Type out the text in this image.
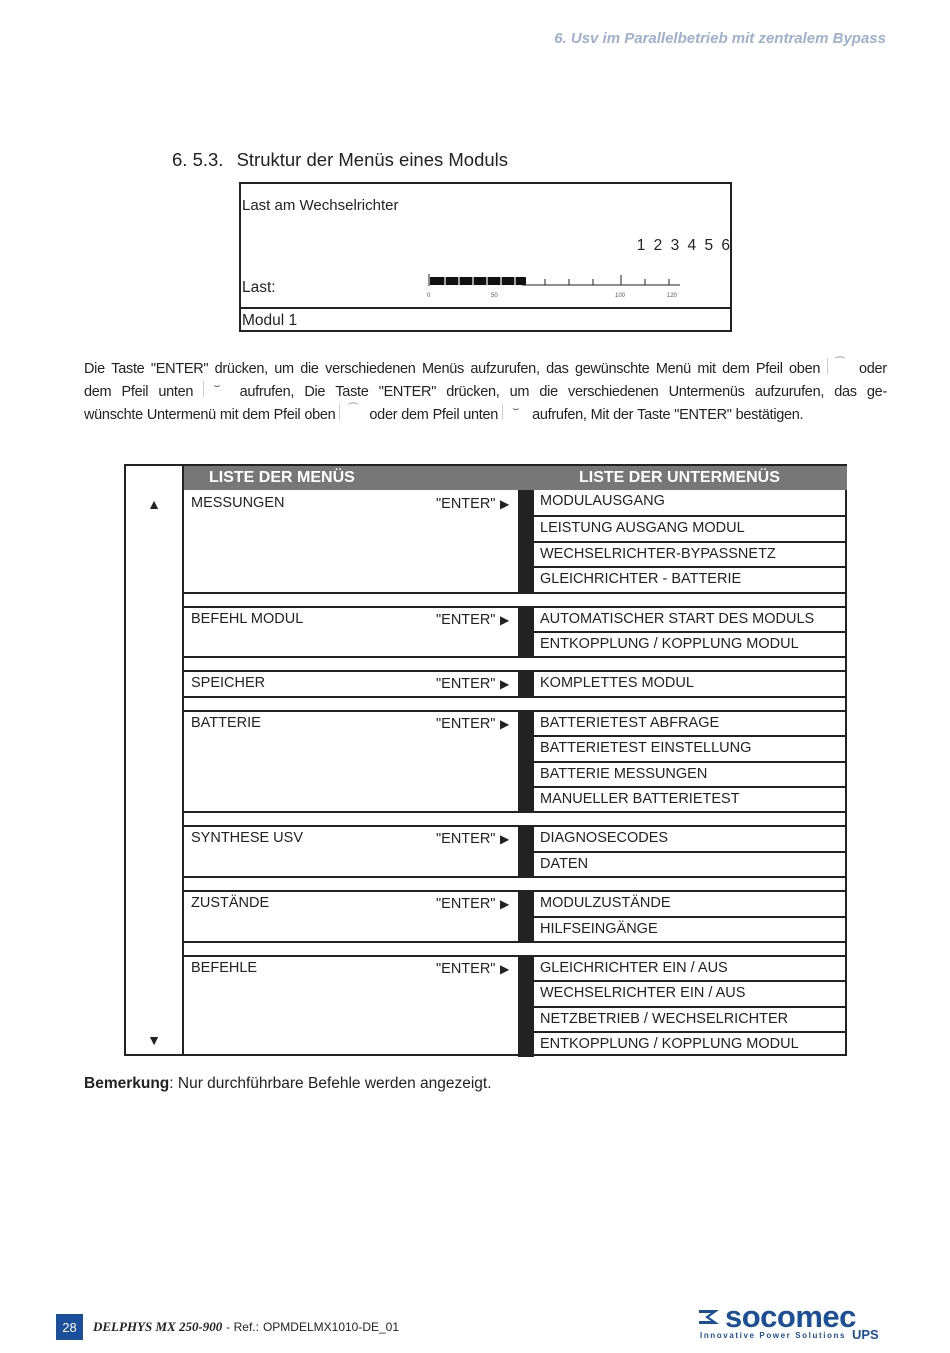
6. Usv im Parallelbetrieb mit zentralem Bypass
6. 5.3. Struktur der Menüs eines Moduls
Last am Wechselrichter
1 2 3 4 5 6
Last:	0	50	100	120
Modul 1
Die Taste "ENTER" drücken, um die verschiedenen Menüs aufzurufen, das gewünschte Menü mit dem Pfeil oben	⌒ oder
dem Pfeil unten	⌣	aufrufen, Die Taste "ENTER" drücken, um die verschiedenen Untermenüs aufzurufen, das ge-
wünschte Untermenü mit dem Pfeil oben	⌒ oder dem Pfeil unten	⌣ aufrufen, Mit der Taste "ENTER" bestätigen.
▲
▼
LISTE DER MENÜS	LISTE DER UNTERMENÜS
MESSUNGEN	"ENTER" ▶	MODULAUSGANG
LEISTUNG AUSGANG MODUL
WECHSELRICHTER-BYPASSNETZ
GLEICHRICHTER - BATTERIE
BEFEHL MODUL	"ENTER" ▶	AUTOMATISCHER START DES MODULS
ENTKOPPLUNG / KOPPLUNG MODUL
SPEICHER	"ENTER" ▶	KOMPLETTES MODUL
BATTERIE	"ENTER" ▶	BATTERIETEST ABFRAGE
BATTERIETEST EINSTELLUNG
BATTERIE MESSUNGEN
MANUELLER BATTERIETEST
SYNTHESE USV	"ENTER" ▶	DIAGNOSECODES
DATEN
ZUSTÄNDE	"ENTER" ▶	MODULZUSTÄNDE
HILFSEINGÄNGE
BEFEHLE	"ENTER" ▶	GLEICHRICHTER EIN / AUS
WECHSELRICHTER EIN / AUS
NETZBETRIEB / WECHSELRICHTER
ENTKOPPLUNG / KOPPLUNG MODUL
Bemerkung: Nur durchführbare Befehle werden angezeigt.
28	DELPHYS MX 250-900 - Ref.: OPMDELMX1010-DE_01	socomec
Innovative Power Solutions UPS
